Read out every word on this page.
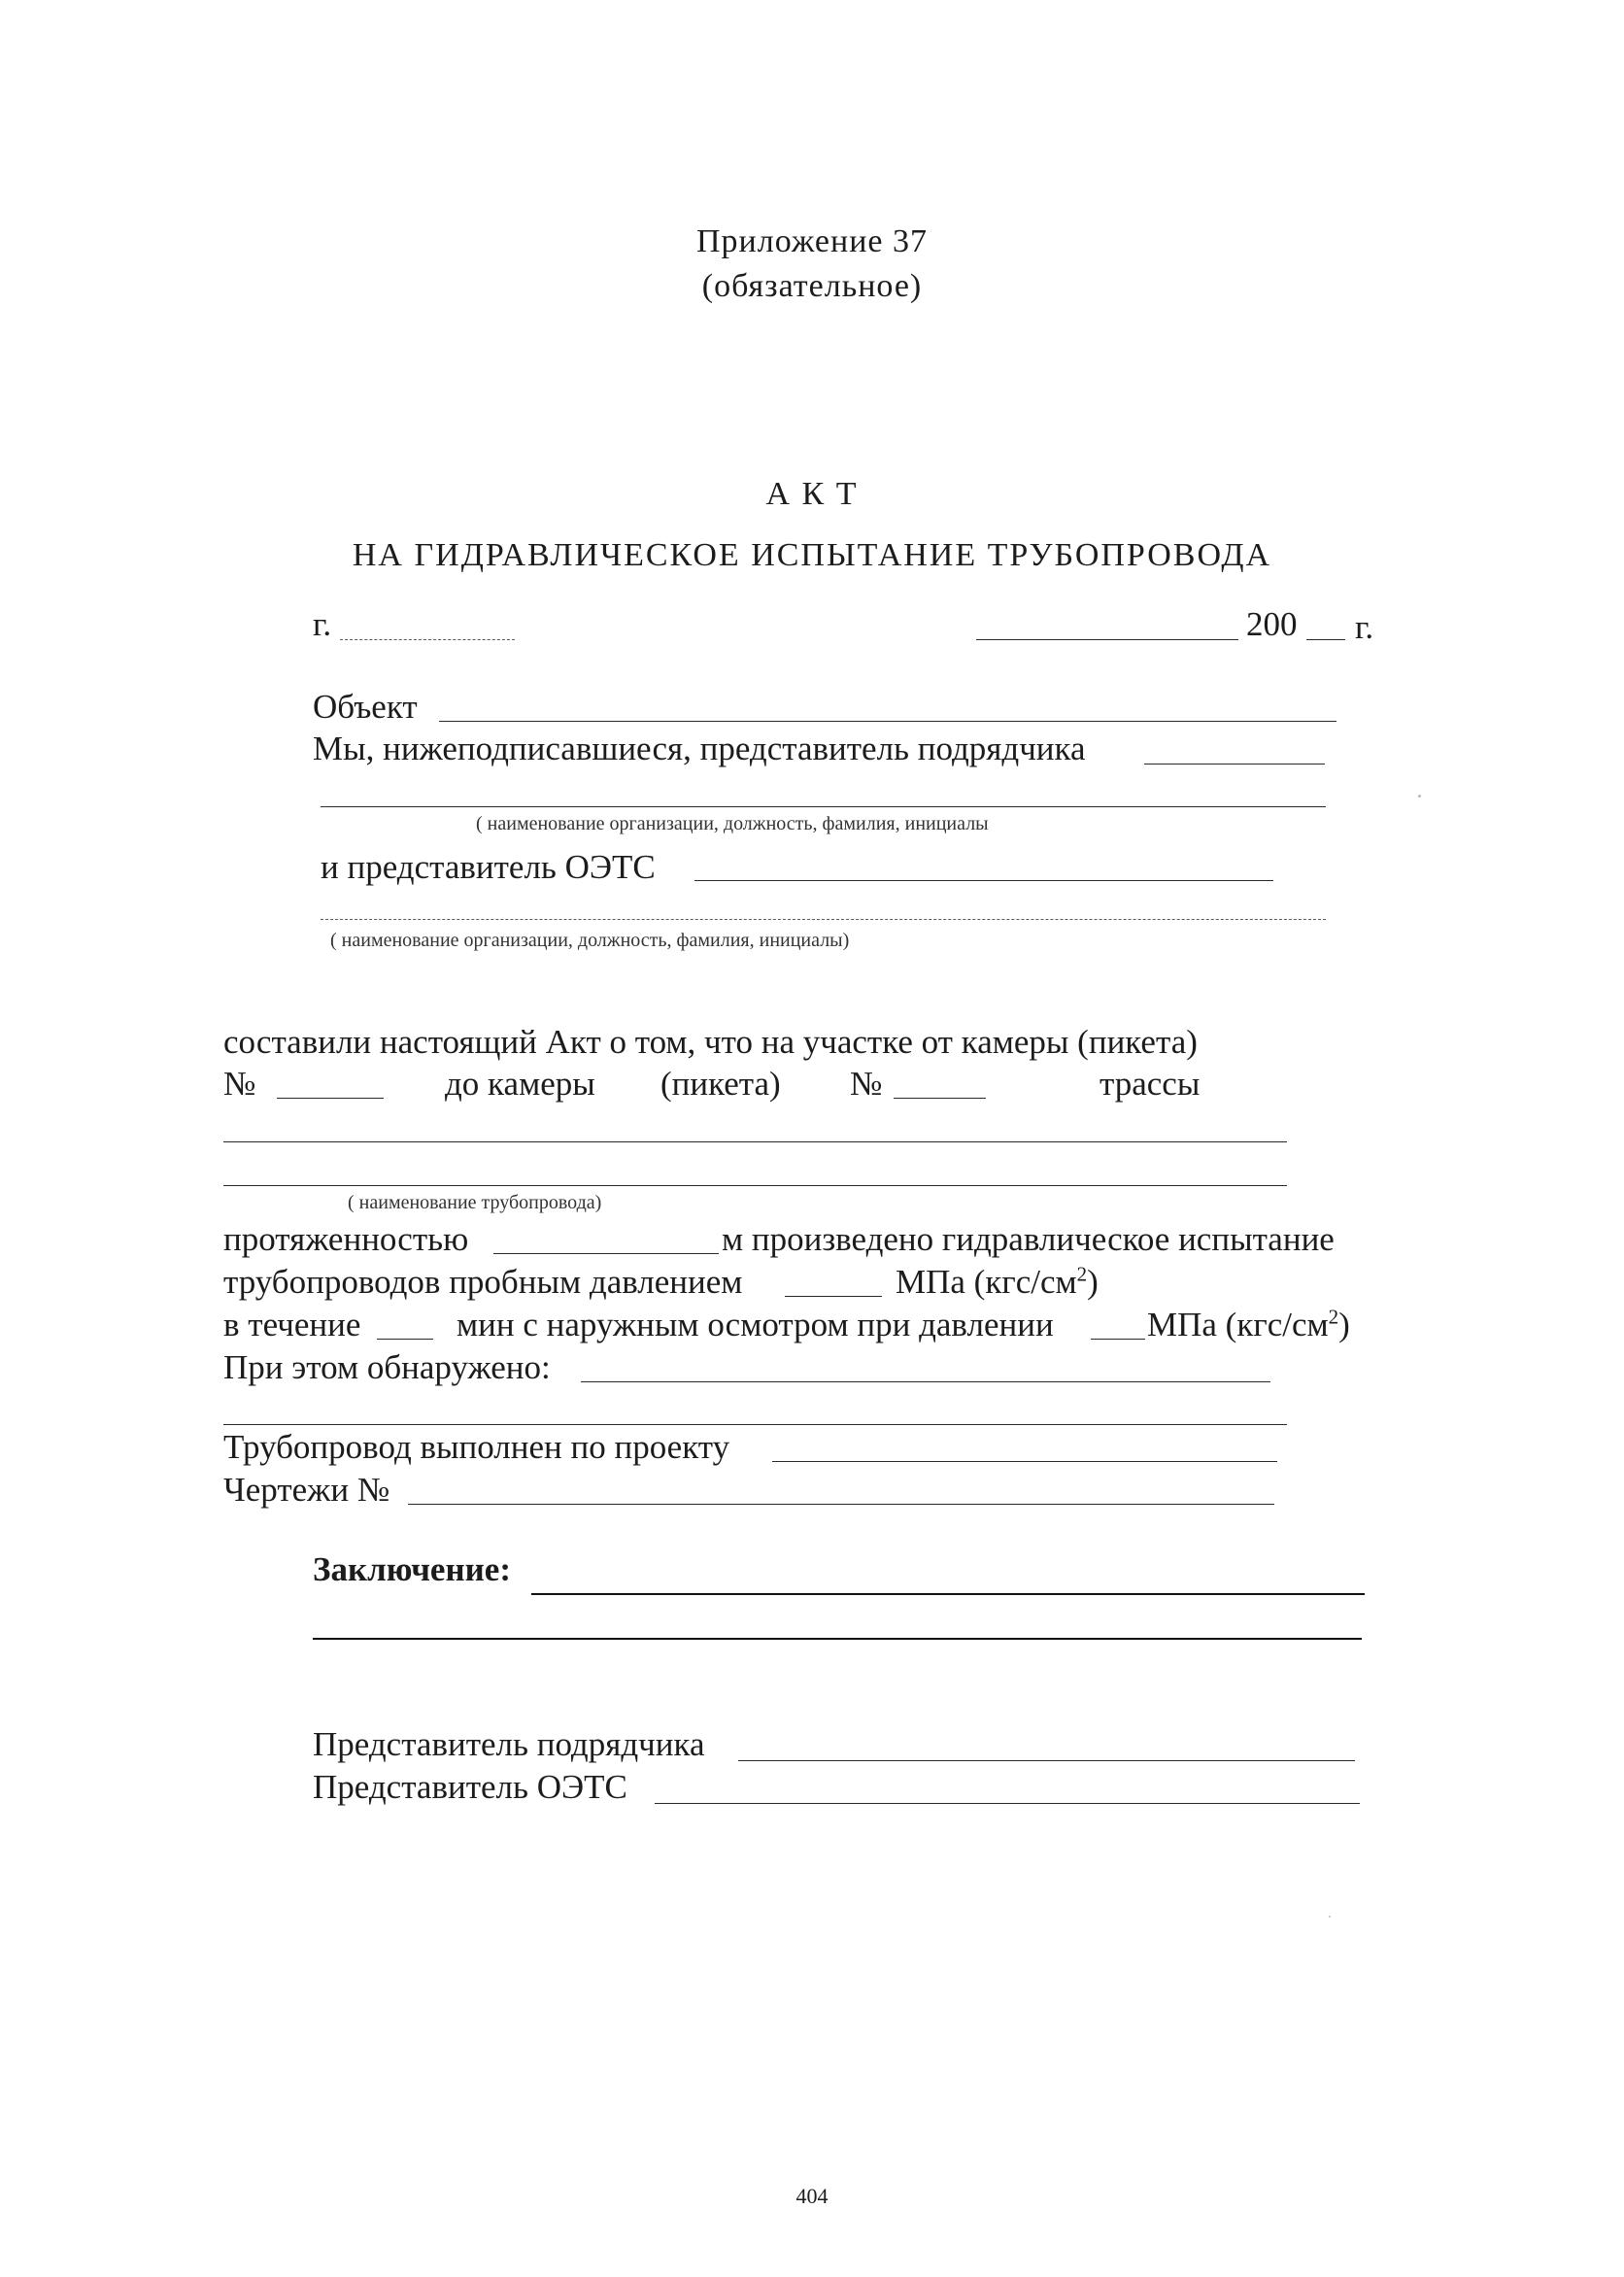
Приложение 37
(обязательное)
А К Т
НА ГИДРАВЛИЧЕСКОЕ ИСПЫТАНИЕ ТРУБОПРОВОДА
г.	200 г.
Объект
Мы, нижеподписавшиеся, представитель подрядчика
( наименование организации, должность, фамилия, инициалы
и представитель ОЭТС
( наименование организации, должность, фамилия, инициалы)
составили настоящий Акт о том, что на участке от камеры (пикета)
№	до камеры (пикета) №	трассы
( наименование трубопровода)
протяженностью	м произведено гидравлическое испытание
трубопроводов пробным давлением	МПа $(кгс/см^2)$
в течение	мин с наружным осмотром при давлении	МПа $(кгс/см^2)$
При этом обнаружено:
Трубопровод выполнен по проекту
Чертежи №
Заключение:
Представитель подрядчика
Представитель ОЭТС
404
